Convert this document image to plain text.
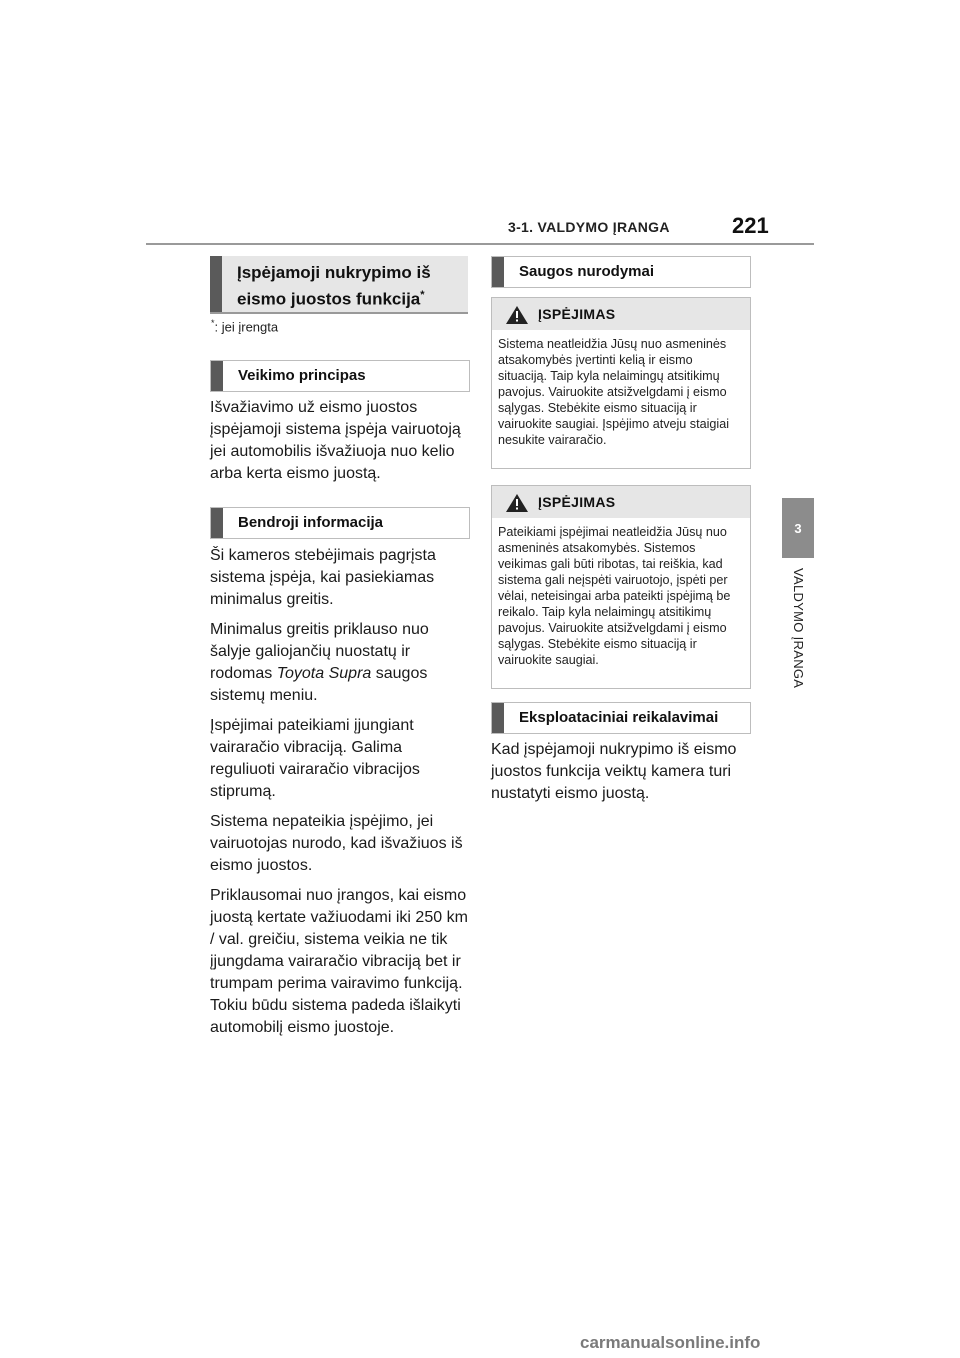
3-1. VALDYMO ĮRANGA	221
3
VALDYMO ĮRANGA
Įspėjamoji nukrypimo iš
eismo juostos funkcija*
*: jei įrengta
Veikimo principas

Išvažiavimo už eismo juostos įspėjamoji sistema įspėja vairuotoją jei automobilis išvažiuoja nuo kelio arba kerta eismo juostą.

Bendroji informacija

Ši kameros stebėjimais pagrįsta sistema įspėja, kai pasiekiamas minimalus greitis.

Minimalus greitis priklauso nuo šalyje galiojančių nuostatų ir rodomas Toyota Supra saugos sistemų meniu.

Įspėjimai pateikiami įjungiant vairaračio vibraciją. Galima reguliuoti vairaračio vibracijos stiprumą.

Sistema nepateikia įspėjimo, jei vairuotojas nurodo, kad išvažiuos iš eismo juostos.

Priklausomai nuo įrangos, kai eismo juostą kertate važiuodami iki 250 km / val. greičiu, sistema veikia ne tik įjungdama vairaračio vibraciją bet ir trumpam perima vairavimo funkciją. Tokiu būdu sistema padeda išlaikyti automobilį eismo juostoje.

Saugos nurodymai
ĮSPĖJIMAS
Sistema neatleidžia Jūsų nuo asmeninės atsakomybės įvertinti kelią ir eismo situaciją. Taip kyla nelaimingų atsitikimų pavojus. Vairuokite atsižvelgdami į eismo sąlygas. Stebėkite eismo situaciją ir vairuokite saugiai. Įspėjimo atveju staigiai nesukite vairaračio.
ĮSPĖJIMAS
Pateikiami įspėjimai neatleidžia Jūsų nuo asmeninės atsakomybės. Sistemos veikimas gali būti ribotas, tai reiškia, kad sistema gali neįspėti vairuotojo, įspėti per vėlai, neteisingai arba pateikti įspėjimą be reikalo. Taip kyla nelaimingų atsitikimų pavojus. Vairuokite atsižvelgdami į eismo sąlygas. Stebėkite eismo situaciją ir vairuokite saugiai.
Eksploataciniai reikalavimai

Kad įspėjamoji nukrypimo iš eismo juostos funkcija veiktų kamera turi nustatyti eismo juostą.

carmanualsonline.info
